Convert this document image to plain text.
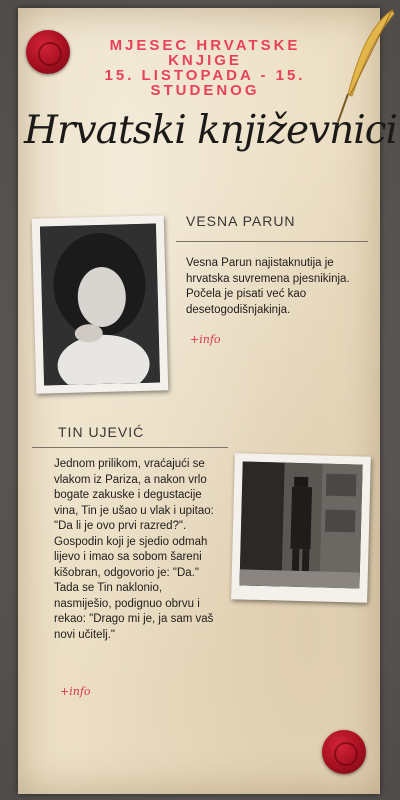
MJESEC HRVATSKE
KNJIGE
15. LISTOPADA - 15.
STUDENOG
Hrvatski književnici
VESNA PARUN
Vesna Parun najistaknutija je hrvatska suvremena pjesnikinja. Počela je pisati već kao desetogodišnjakinja.
+info
TIN UJEVIĆ
Jednom prilikom, vraćajući se vlakom iz Pariza, a nakon vrlo bogate zakuske i degustacije vina, Tin je ušao u vlak i upitao: "Da li je ovo prvi razred?". Gospodin koji je sjedio odmah lijevo i imao sa sobom šareni kišobran, odgovorio je: "Da." Tada se Tin naklonio, nasmiješio, podignuo obrvu i rekao: "Drago mi je, ja sam vaš novi učitelj."
+info
